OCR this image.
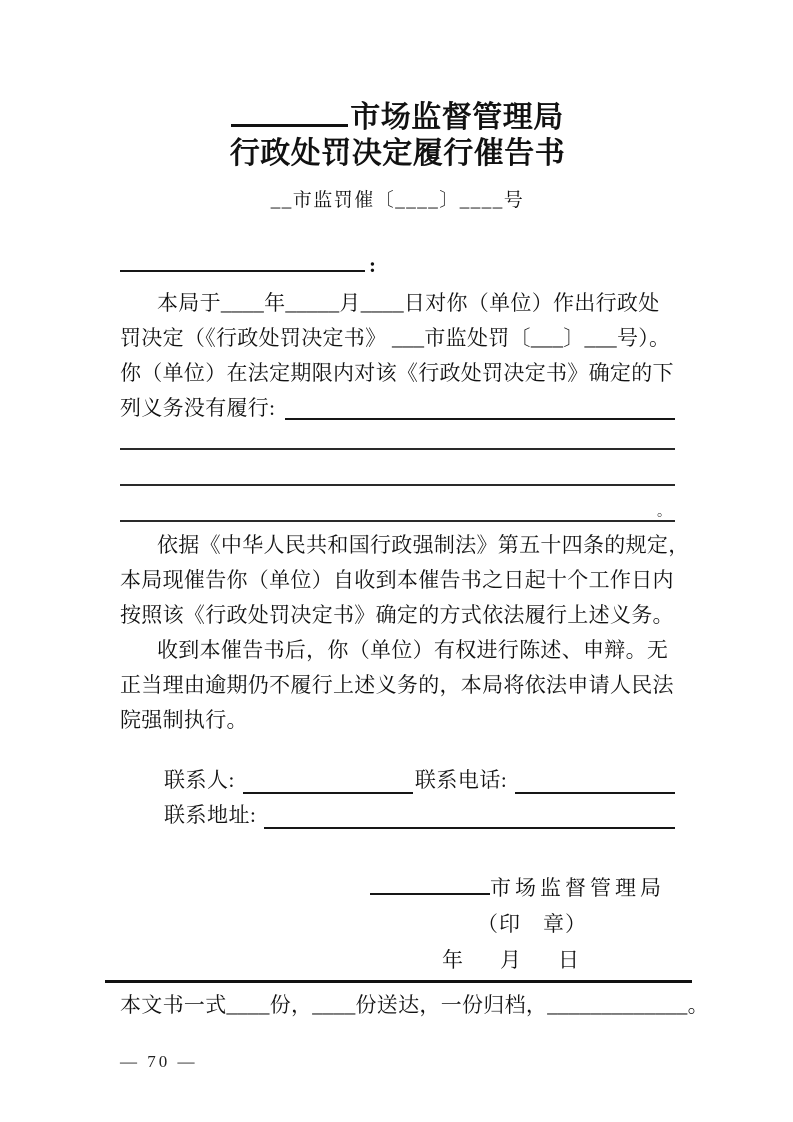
市场监督管理局
行政处罚决定履行催告书
__市监罚催〔____〕____号
:
本局于____年_____月____日对你（单位）作出行政处
罚决定（《行政处罚决定书》 ___市监处罚〔___〕___号）。
你（单位）在法定期限内对该《行政处罚决定书》确定的下
列义务没有履行:
。
依据《中华人民共和国行政强制法》第五十四条的规定，
本局现催告你（单位）自收到本催告书之日起十个工作日内
按照该《行政处罚决定书》确定的方式依法履行上述义务。
收到本催告书后，你（单位）有权进行陈述、申辩。无
正当理由逾期仍不履行上述义务的，本局将依法申请人民法
院强制执行。
联系人:	联系电话:
联系地址:
市场监督管理局
（印　章）
年　月　日
本文书一式____份，____份送达，一份归档，_____________。
— 70 —
